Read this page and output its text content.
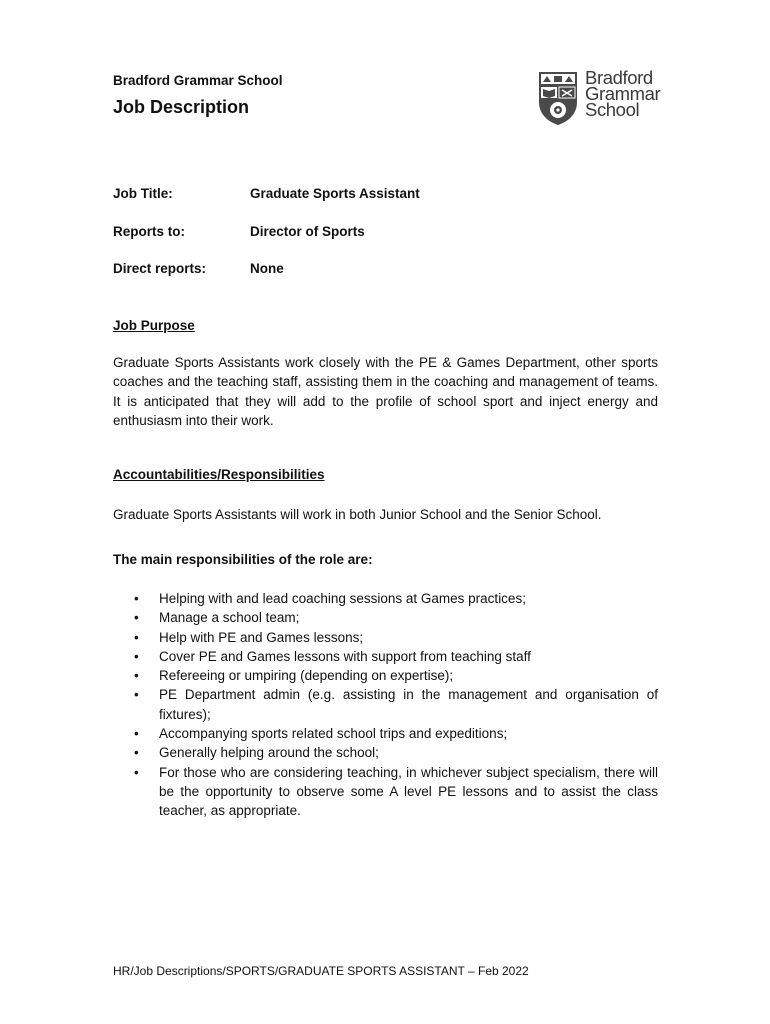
Bradford Grammar School
Job Description
Bradford
Grammar
School
Job Title:	Graduate Sports Assistant
Reports to:	Director of Sports
Direct reports:	None
Job Purpose
Graduate Sports Assistants work closely with the PE & Games Department, other sports coaches and the teaching staff, assisting them in the coaching and management of teams. It is anticipated that they will add to the profile of school sport and inject energy and enthusiasm into their work.
Accountabilities/Responsibilities
Graduate Sports Assistants will work in both Junior School and the Senior School.
The main responsibilities of the role are:
• Helping with and lead coaching sessions at Games practices;
• Manage a school team;
• Help with PE and Games lessons;
• Cover PE and Games lessons with support from teaching staff
• Refereeing or umpiring (depending on expertise);
• PE Department admin (e.g. assisting in the management and organisation of fixtures);
• Accompanying sports related school trips and expeditions;
• Generally helping around the school;
• For those who are considering teaching, in whichever subject specialism, there will be the opportunity to observe some A level PE lessons and to assist the class teacher, as appropriate.
HR/Job Descriptions/SPORTS/GRADUATE SPORTS ASSISTANT – Feb 2022
